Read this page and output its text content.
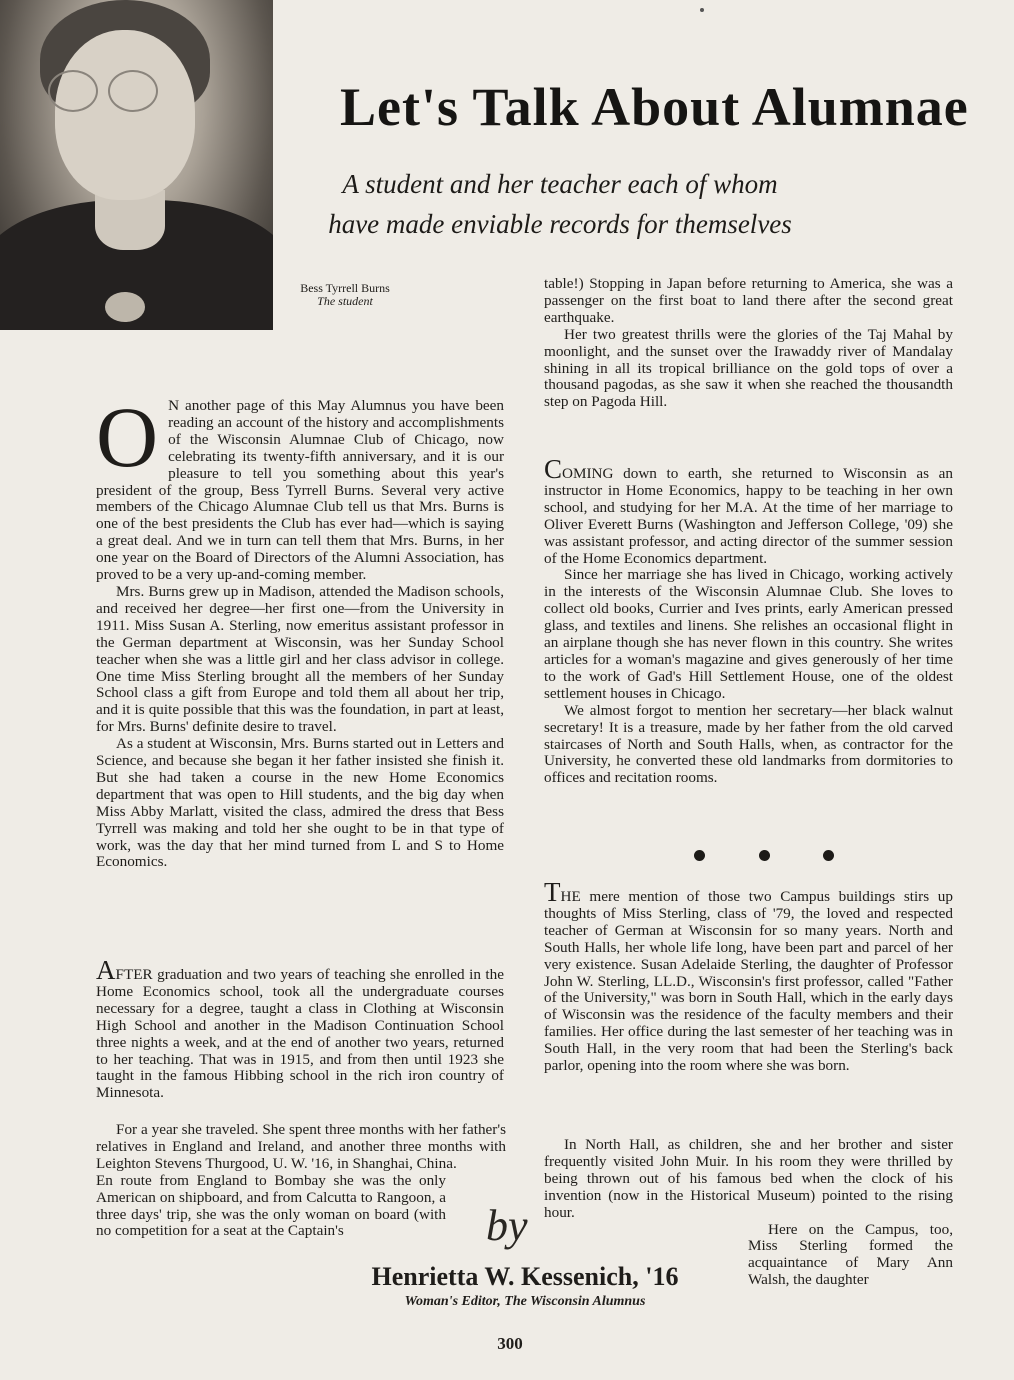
Let's Talk About Alumnae
A student and her teacher each of whom
have made enviable records for themselves
Bess Tyrrell Burns
The student

O N another page of this May Alumnus you have been reading an account of the history and accomplishments of the Wisconsin Alumnae Club of Chicago, now celebrating its twenty-fifth anniversary, and it is our pleasure to tell you something about this year's president of the group, Bess Tyrrell Burns. Several very active members of the Chicago Alumnae Club tell us that Mrs. Burns is one of the best presidents the Club has ever had—which is saying a great deal. And we in turn can tell them that Mrs. Burns, in her one year on the Board of Directors of the Alumni Association, has proved to be a very up-and-coming member.

Mrs. Burns grew up in Madison, attended the Madison schools, and received her degree—her first one—from the University in 1911. Miss Susan A. Sterling, now emeritus assistant professor in the German department at Wisconsin, was her Sunday School teacher when she was a little girl and her class advisor in college. One time Miss Sterling brought all the members of her Sunday School class a gift from Europe and told them all about her trip, and it is quite possible that this was the foundation, in part at least, for Mrs. Burns' definite desire to travel.

As a student at Wisconsin, Mrs. Burns started out in Letters and Science, and because she began it her father insisted she finish it. But she had taken a course in the new Home Economics department that was open to Hill students, and the big day when Miss Abby Marlatt, visited the class, admired the dress that Bess Tyrrell was making and told her she ought to be in that type of work, was the day that her mind turned from L and S to Home Economics.

AFTER graduation and two years of teaching she enrolled in the Home Economics school, took all the undergraduate courses necessary for a degree, taught a class in Clothing at Wisconsin High School and another in the Madison Continuation School three nights a week, and at the end of another two years, returned to her teaching. That was in 1915, and from then until 1923 she taught in the famous Hibbing school in the rich iron country of Minnesota.

For a year she traveled. She spent three months with her father's relatives in England and Ireland, and another three months with Leighton Stevens Thurgood, U. W. '16, in Shanghai, China.

En route from England to Bombay she was the only American on shipboard, and from Calcutta to Rangoon, a three days' trip, she was the only woman on board (with no competition for a seat at the Captain's

table!) Stopping in Japan before returning to America, she was a passenger on the first boat to land there after the second great earthquake.

Her two greatest thrills were the glories of the Taj Mahal by moonlight, and the sunset over the Irawaddy river of Mandalay shining in all its tropical brilliance on the gold tops of over a thousand pagodas, as she saw it when she reached the thousandth step on Pagoda Hill.

COMING down to earth, she returned to Wisconsin as an instructor in Home Economics, happy to be teaching in her own school, and studying for her M.A. At the time of her marriage to Oliver Everett Burns (Washington and Jefferson College, '09) she was assistant professor, and acting director of the summer session of the Home Economics department.

Since her marriage she has lived in Chicago, working actively in the interests of the Wisconsin Alumnae Club. She loves to collect old books, Currier and Ives prints, early American pressed glass, and textiles and linens. She relishes an occasional flight in an airplane though she has never flown in this country. She writes articles for a woman's magazine and gives generously of her time to the work of Gad's Hill Settlement House, one of the oldest settlement houses in Chicago.

We almost forgot to mention her secretary—her black walnut secretary! It is a treasure, made by her father from the old carved staircases of North and South Halls, when, as contractor for the University, he converted these old landmarks from dormitories to offices and recitation rooms.

THE mere mention of those two Campus buildings stirs up thoughts of Miss Sterling, class of '79, the loved and respected teacher of German at Wisconsin for so many years. North and South Halls, her whole life long, have been part and parcel of her very existence. Susan Adelaide Sterling, the daughter of Professor John W. Sterling, LL.D., Wisconsin's first professor, called "Father of the University," was born in South Hall, which in the early days of Wisconsin was the residence of the faculty members and their families. Her office during the last semester of her teaching was in South Hall, in the very room that had been the Sterling's back parlor, opening into the room where she was born.

In North Hall, as children, she and her brother and sister frequently visited John Muir. In his room they were thrilled by being thrown out of his famous bed when the clock of his invention (now in the Historical Museum) pointed to the rising hour.

Here on the Campus, too, Miss Sterling formed the acquaintance of Mary Ann Walsh, the daughter

by
Henrietta W. Kessenich, '16
Woman's Editor, The Wisconsin Alumnus
300
